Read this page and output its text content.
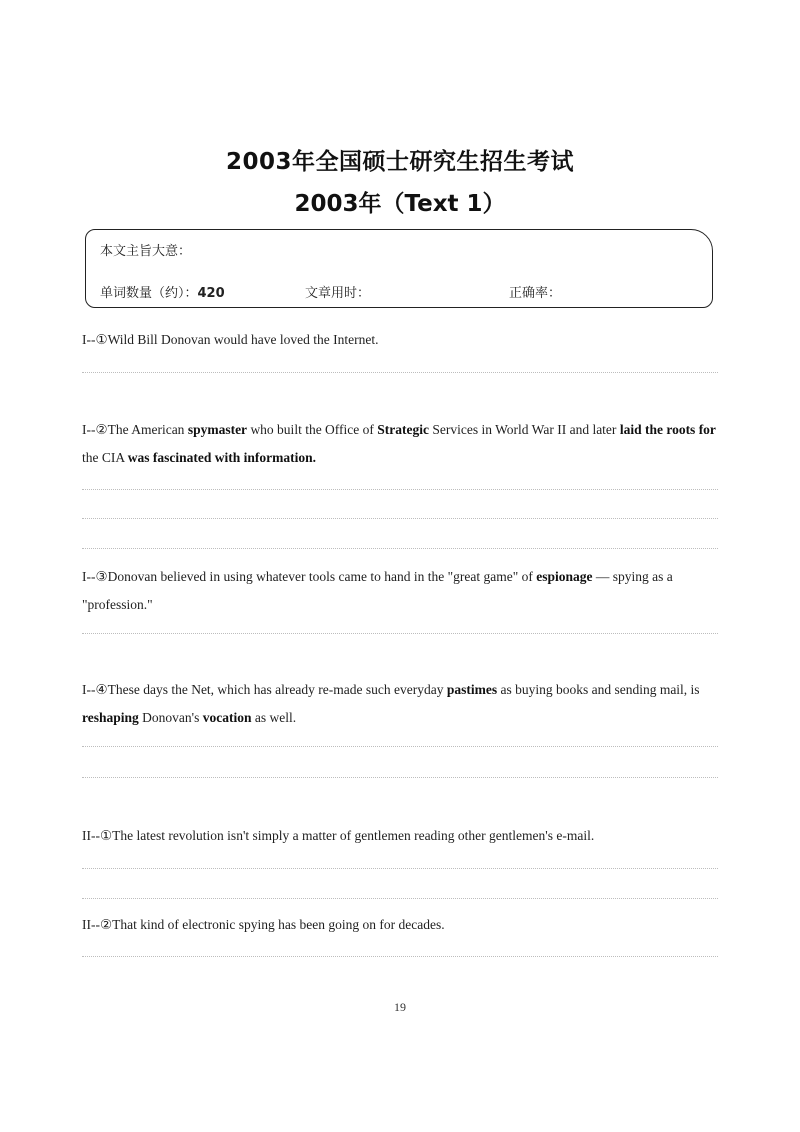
2003年全国硕士研究生招生考试
2003年（Text 1）
本文主旨大意：
单词数量（约）：420	文章用时：	正确率：

I--①Wild Bill Donovan would have loved the Internet.

I--②The American spymaster who built the Office of Strategic Services in World War II and later laid the roots for the CIA was fascinated with information.

I--③Donovan believed in using whatever tools came to hand in the "great game" of espionage — spying as a "profession."

I--④These days the Net, which has already re-made such everyday pastimes as buying books and sending mail, is reshaping Donovan's vocation as well.

II--①The latest revolution isn't simply a matter of gentlemen reading other gentlemen's e-mail.

II--②That kind of electronic spying has been going on for decades.

19
